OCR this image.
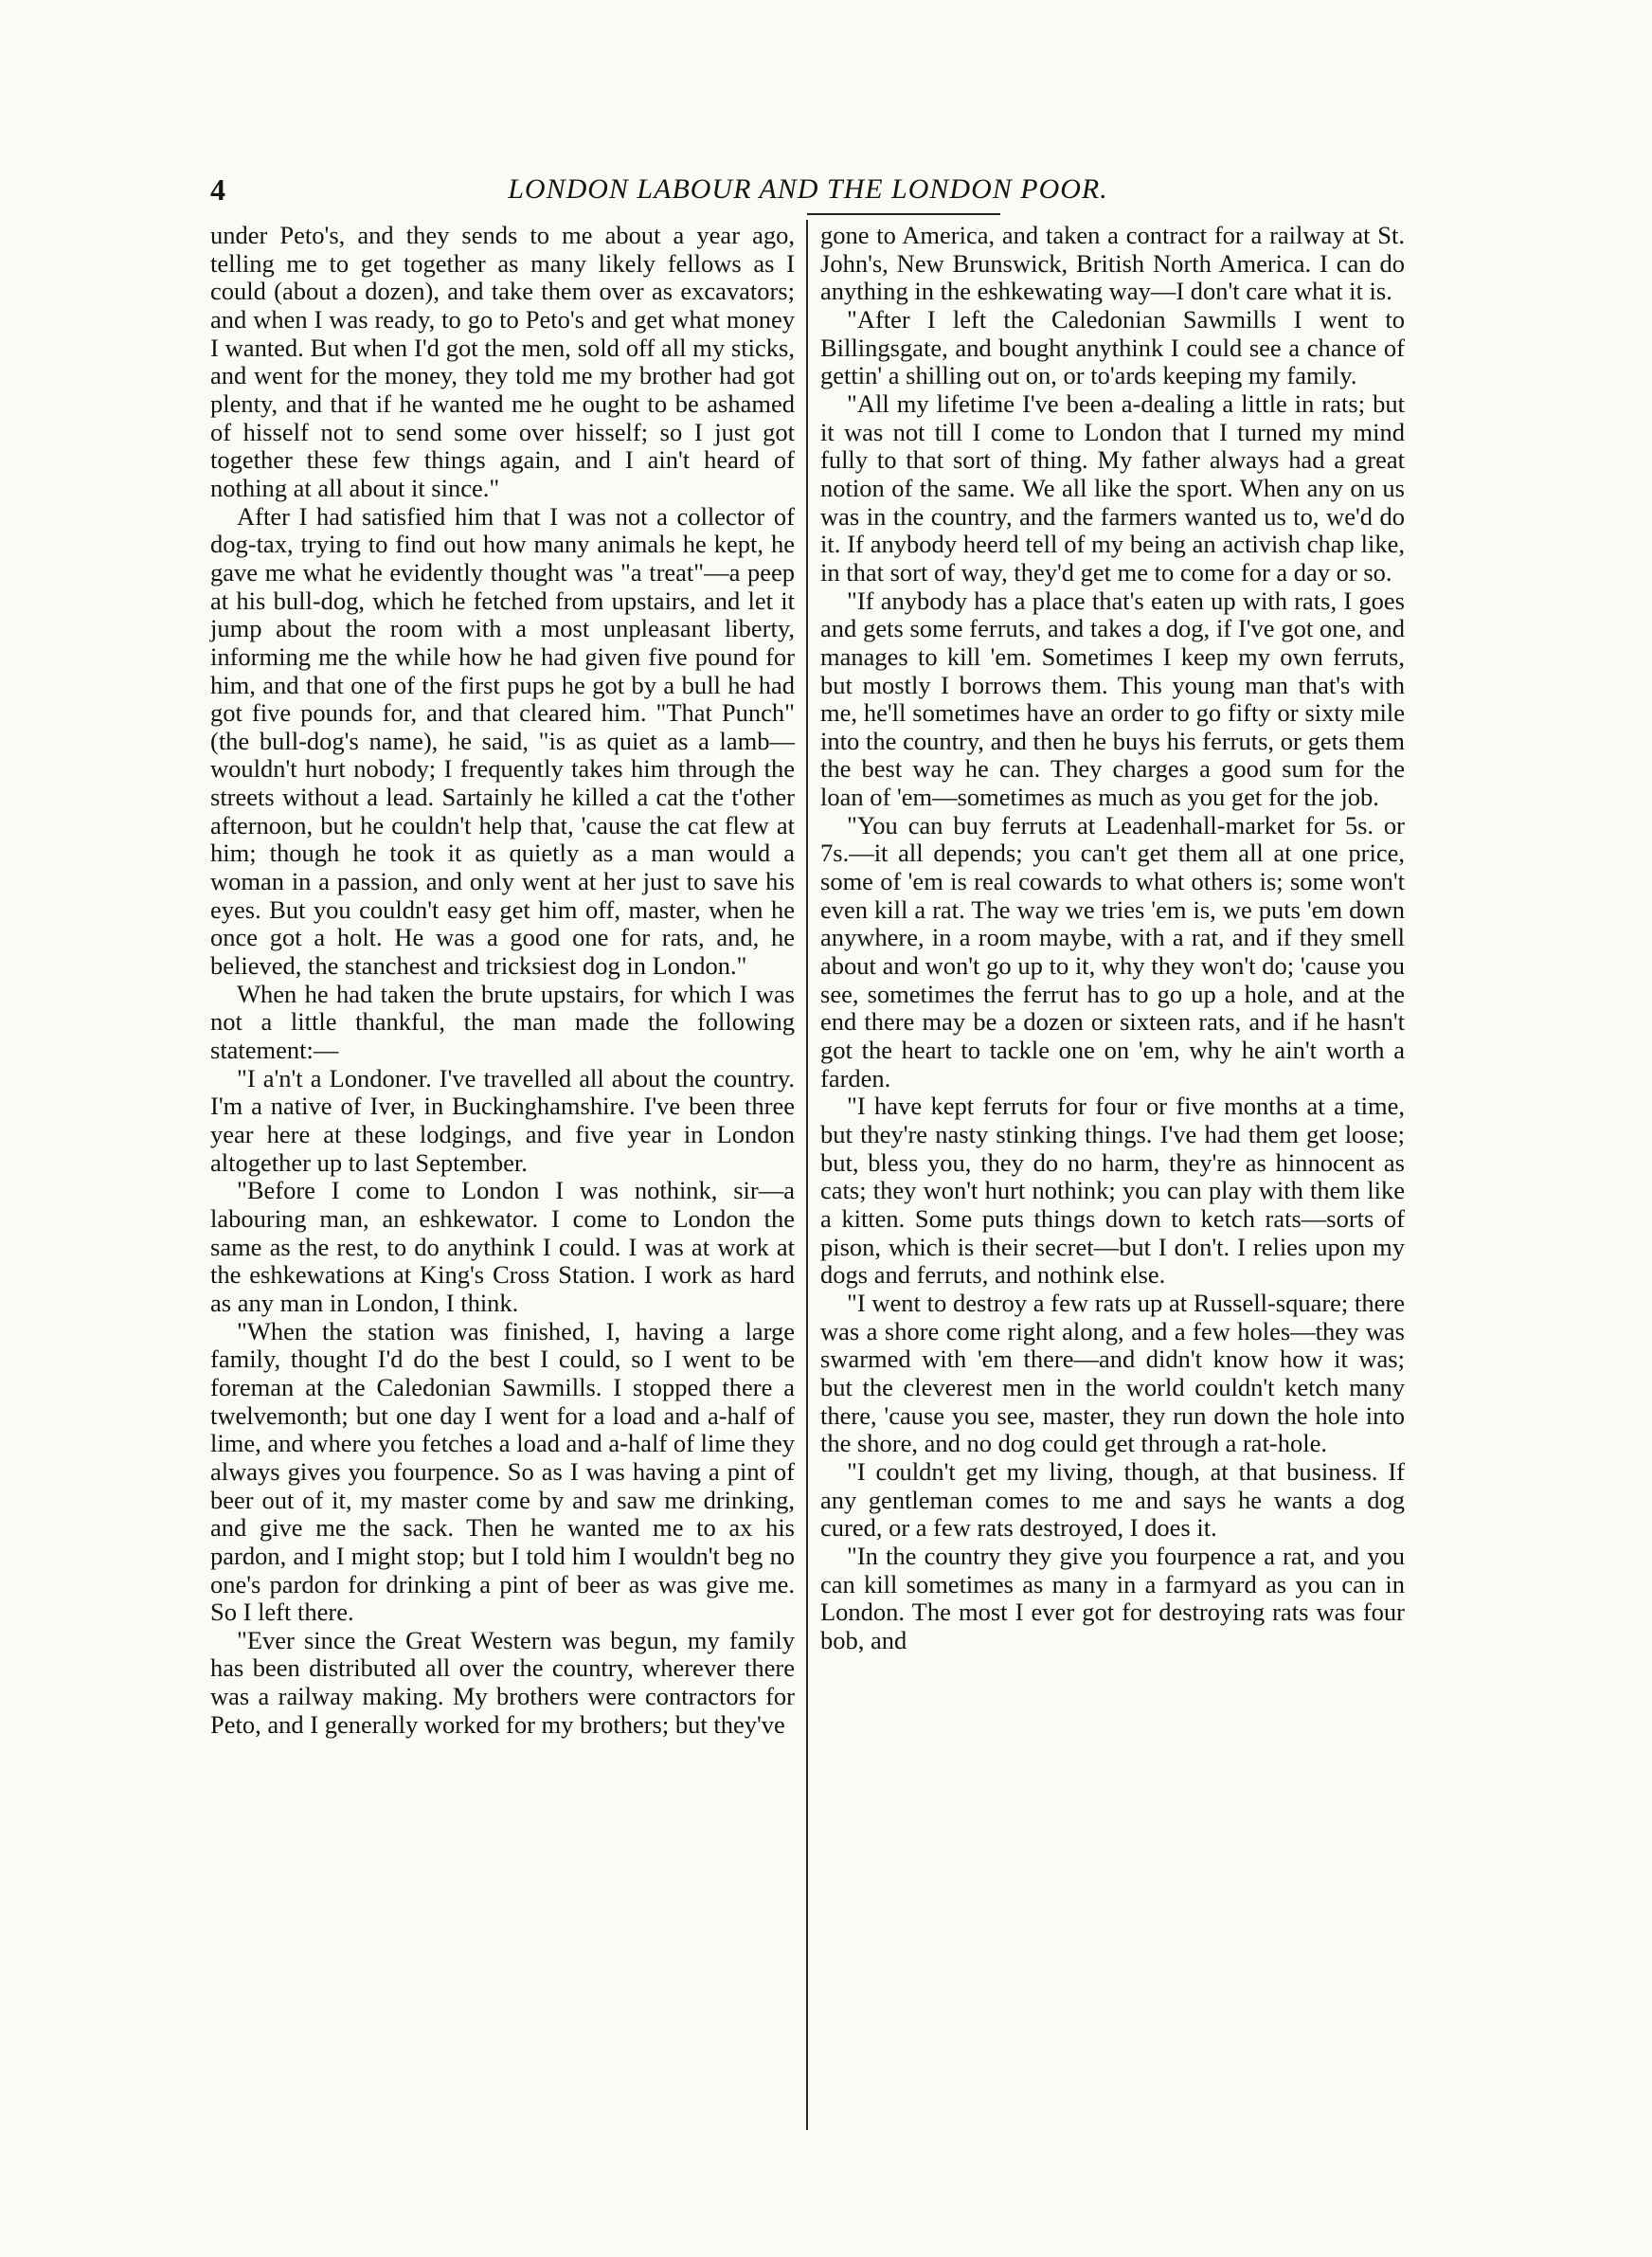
4	LONDON LABOUR AND THE LONDON POOR.

under Peto's, and they sends to me about a year ago, telling me to get together as many likely fellows as I could (about a dozen), and take them over as excavators; and when I was ready, to go to Peto's and get what money I wanted. But when I'd got the men, sold off all my sticks, and went for the money, they told me my brother had got plenty, and that if he wanted me he ought to be ashamed of hisself not to send some over hisself; so I just got together these few things again, and I ain't heard of nothing at all about it since."

After I had satisfied him that I was not a collector of dog-tax, trying to find out how many animals he kept, he gave me what he evidently thought was "a treat"—a peep at his bull-dog, which he fetched from upstairs, and let it jump about the room with a most unpleasant liberty, informing me the while how he had given five pound for him, and that one of the first pups he got by a bull he had got five pounds for, and that cleared him. "That Punch" (the bull-dog's name), he said, "is as quiet as a lamb—wouldn't hurt nobody; I frequently takes him through the streets without a lead. Sartainly he killed a cat the t'other afternoon, but he couldn't help that, 'cause the cat flew at him; though he took it as quietly as a man would a woman in a passion, and only went at her just to save his eyes. But you couldn't easy get him off, master, when he once got a holt. He was a good one for rats, and, he believed, the stanchest and tricksiest dog in London."

When he had taken the brute upstairs, for which I was not a little thankful, the man made the following statement:—

"I a'n't a Londoner. I've travelled all about the country. I'm a native of Iver, in Buckinghamshire. I've been three year here at these lodgings, and five year in London altogether up to last September.

"Before I come to London I was nothink, sir—a labouring man, an eshkewator. I come to London the same as the rest, to do anythink I could. I was at work at the eshkewations at King's Cross Station. I work as hard as any man in London, I think.

"When the station was finished, I, having a large family, thought I'd do the best I could, so I went to be foreman at the Caledonian Sawmills. I stopped there a twelvemonth; but one day I went for a load and a-half of lime, and where you fetches a load and a-half of lime they always gives you fourpence. So as I was having a pint of beer out of it, my master come by and saw me drinking, and give me the sack. Then he wanted me to ax his pardon, and I might stop; but I told him I wouldn't beg no one's pardon for drinking a pint of beer as was give me. So I left there.

"Ever since the Great Western was begun, my family has been distributed all over the country, wherever there was a railway making. My brothers were contractors for Peto, and I generally worked for my brothers; but they've

gone to America, and taken a contract for a railway at St. John's, New Brunswick, British North America. I can do anything in the eshkewating way—I don't care what it is.

"After I left the Caledonian Sawmills I went to Billingsgate, and bought anythink I could see a chance of gettin' a shilling out on, or to'ards keeping my family.

"All my lifetime I've been a-dealing a little in rats; but it was not till I come to London that I turned my mind fully to that sort of thing. My father always had a great notion of the same. We all like the sport. When any on us was in the country, and the farmers wanted us to, we'd do it. If anybody heerd tell of my being an activish chap like, in that sort of way, they'd get me to come for a day or so.

"If anybody has a place that's eaten up with rats, I goes and gets some ferruts, and takes a dog, if I've got one, and manages to kill 'em. Sometimes I keep my own ferruts, but mostly I borrows them. This young man that's with me, he'll sometimes have an order to go fifty or sixty mile into the country, and then he buys his ferruts, or gets them the best way he can. They charges a good sum for the loan of 'em—sometimes as much as you get for the job.

"You can buy ferruts at Leadenhall-market for 5s. or 7s.—it all depends; you can't get them all at one price, some of 'em is real cowards to what others is; some won't even kill a rat. The way we tries 'em is, we puts 'em down anywhere, in a room maybe, with a rat, and if they smell about and won't go up to it, why they won't do; 'cause you see, sometimes the ferrut has to go up a hole, and at the end there may be a dozen or sixteen rats, and if he hasn't got the heart to tackle one on 'em, why he ain't worth a farden.

"I have kept ferruts for four or five months at a time, but they're nasty stinking things. I've had them get loose; but, bless you, they do no harm, they're as hinnocent as cats; they won't hurt nothink; you can play with them like a kitten. Some puts things down to ketch rats—sorts of pison, which is their secret—but I don't. I relies upon my dogs and ferruts, and nothink else.

"I went to destroy a few rats up at Russell-square; there was a shore come right along, and a few holes—they was swarmed with 'em there—and didn't know how it was; but the cleverest men in the world couldn't ketch many there, 'cause you see, master, they run down the hole into the shore, and no dog could get through a rat-hole.

"I couldn't get my living, though, at that business. If any gentleman comes to me and says he wants a dog cured, or a few rats destroyed, I does it.

"In the country they give you fourpence a rat, and you can kill sometimes as many in a farmyard as you can in London. The most I ever got for destroying rats was four bob, and
